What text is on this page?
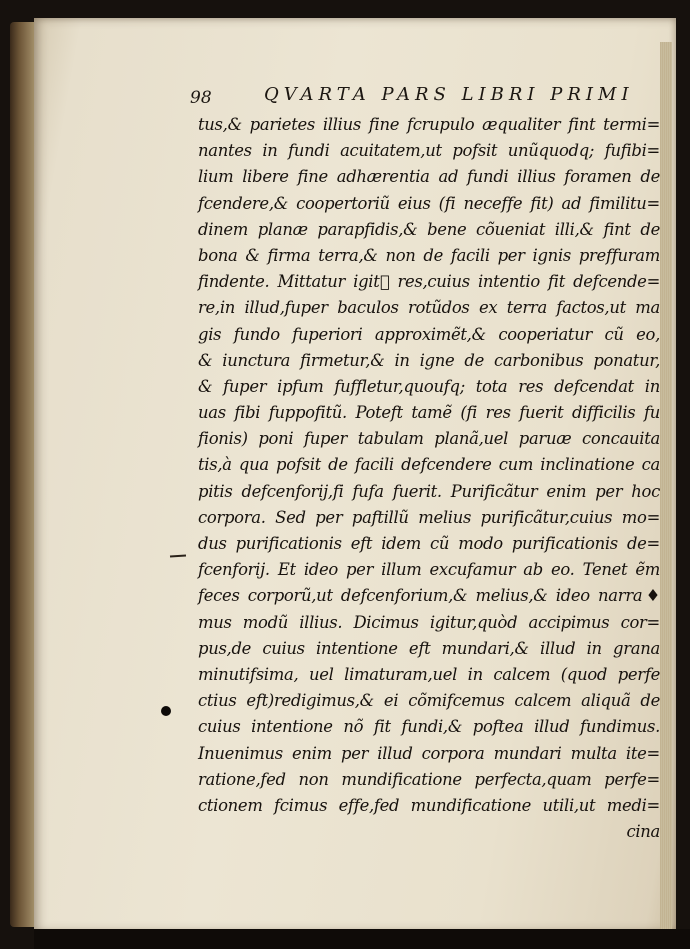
98	QVARTA PARS LIBRI PRIMI
tus,& parietes illius fine fcrupulo æqualiter fint termi=
nantes in fundi acuitatem,ut pofsit unũquodq; fufibi=
lium libere fine adhærentia ad fundi illius foramen de
fcendere,& coopertoriũ eius (fi neceffe fit) ad fimilitu=
dinem planæ parapfidis,& bene cõueniat illi,& fint de
bona & firma terra,& non de facili per ignis preffuram
findente. Mittatur igit᷑ res,cuius intentio fit defcende=
re,in illud,fuper baculos rotũdos ex terra factos,ut ma
gis fundo fuperiori approximẽt,& cooperiatur cũ eo,
& iunctura firmetur,& in igne de carbonibus ponatur,
& fuper ipfum fuffletur,quoufq; tota res defcendat in
uas fibi fuppofitũ. Poteft tamẽ (fi res fuerit difficilis fu
fionis) poni fuper tabulam planã,uel paruæ concauita
tis,à qua pofsit de facili defcendere cum inclinatione ca
pitis defcenforij,fi fufa fuerit. Purificãtur enim per hoc
corpora. Sed per paftillũ melius purificãtur,cuius mo=
dus purificationis eft idem cũ modo purificationis de=
fcenforij. Et ideo per illum excufamur ab eo. Tenet ẽm
feces corporũ,ut defcenforium,& melius,& ideo narra♦
mus modũ illius. Dicimus igitur,quòd accipimus cor=
pus,de cuius intentione eft mundari,& illud in grana
minutifsima, uel limaturam,uel in calcem (quod perfe
ctius eft)redigimus,& ei cõmifcemus calcem aliquã de
cuius intentione nõ fit fundi,& poftea illud fundimus.
Inuenimus enim per illud corpora mundari multa ite=
ratione,fed non mundificatione perfecta,quam perfe=
ctionem fcimus effe,fed mundificatione utili,ut medi=
cina
